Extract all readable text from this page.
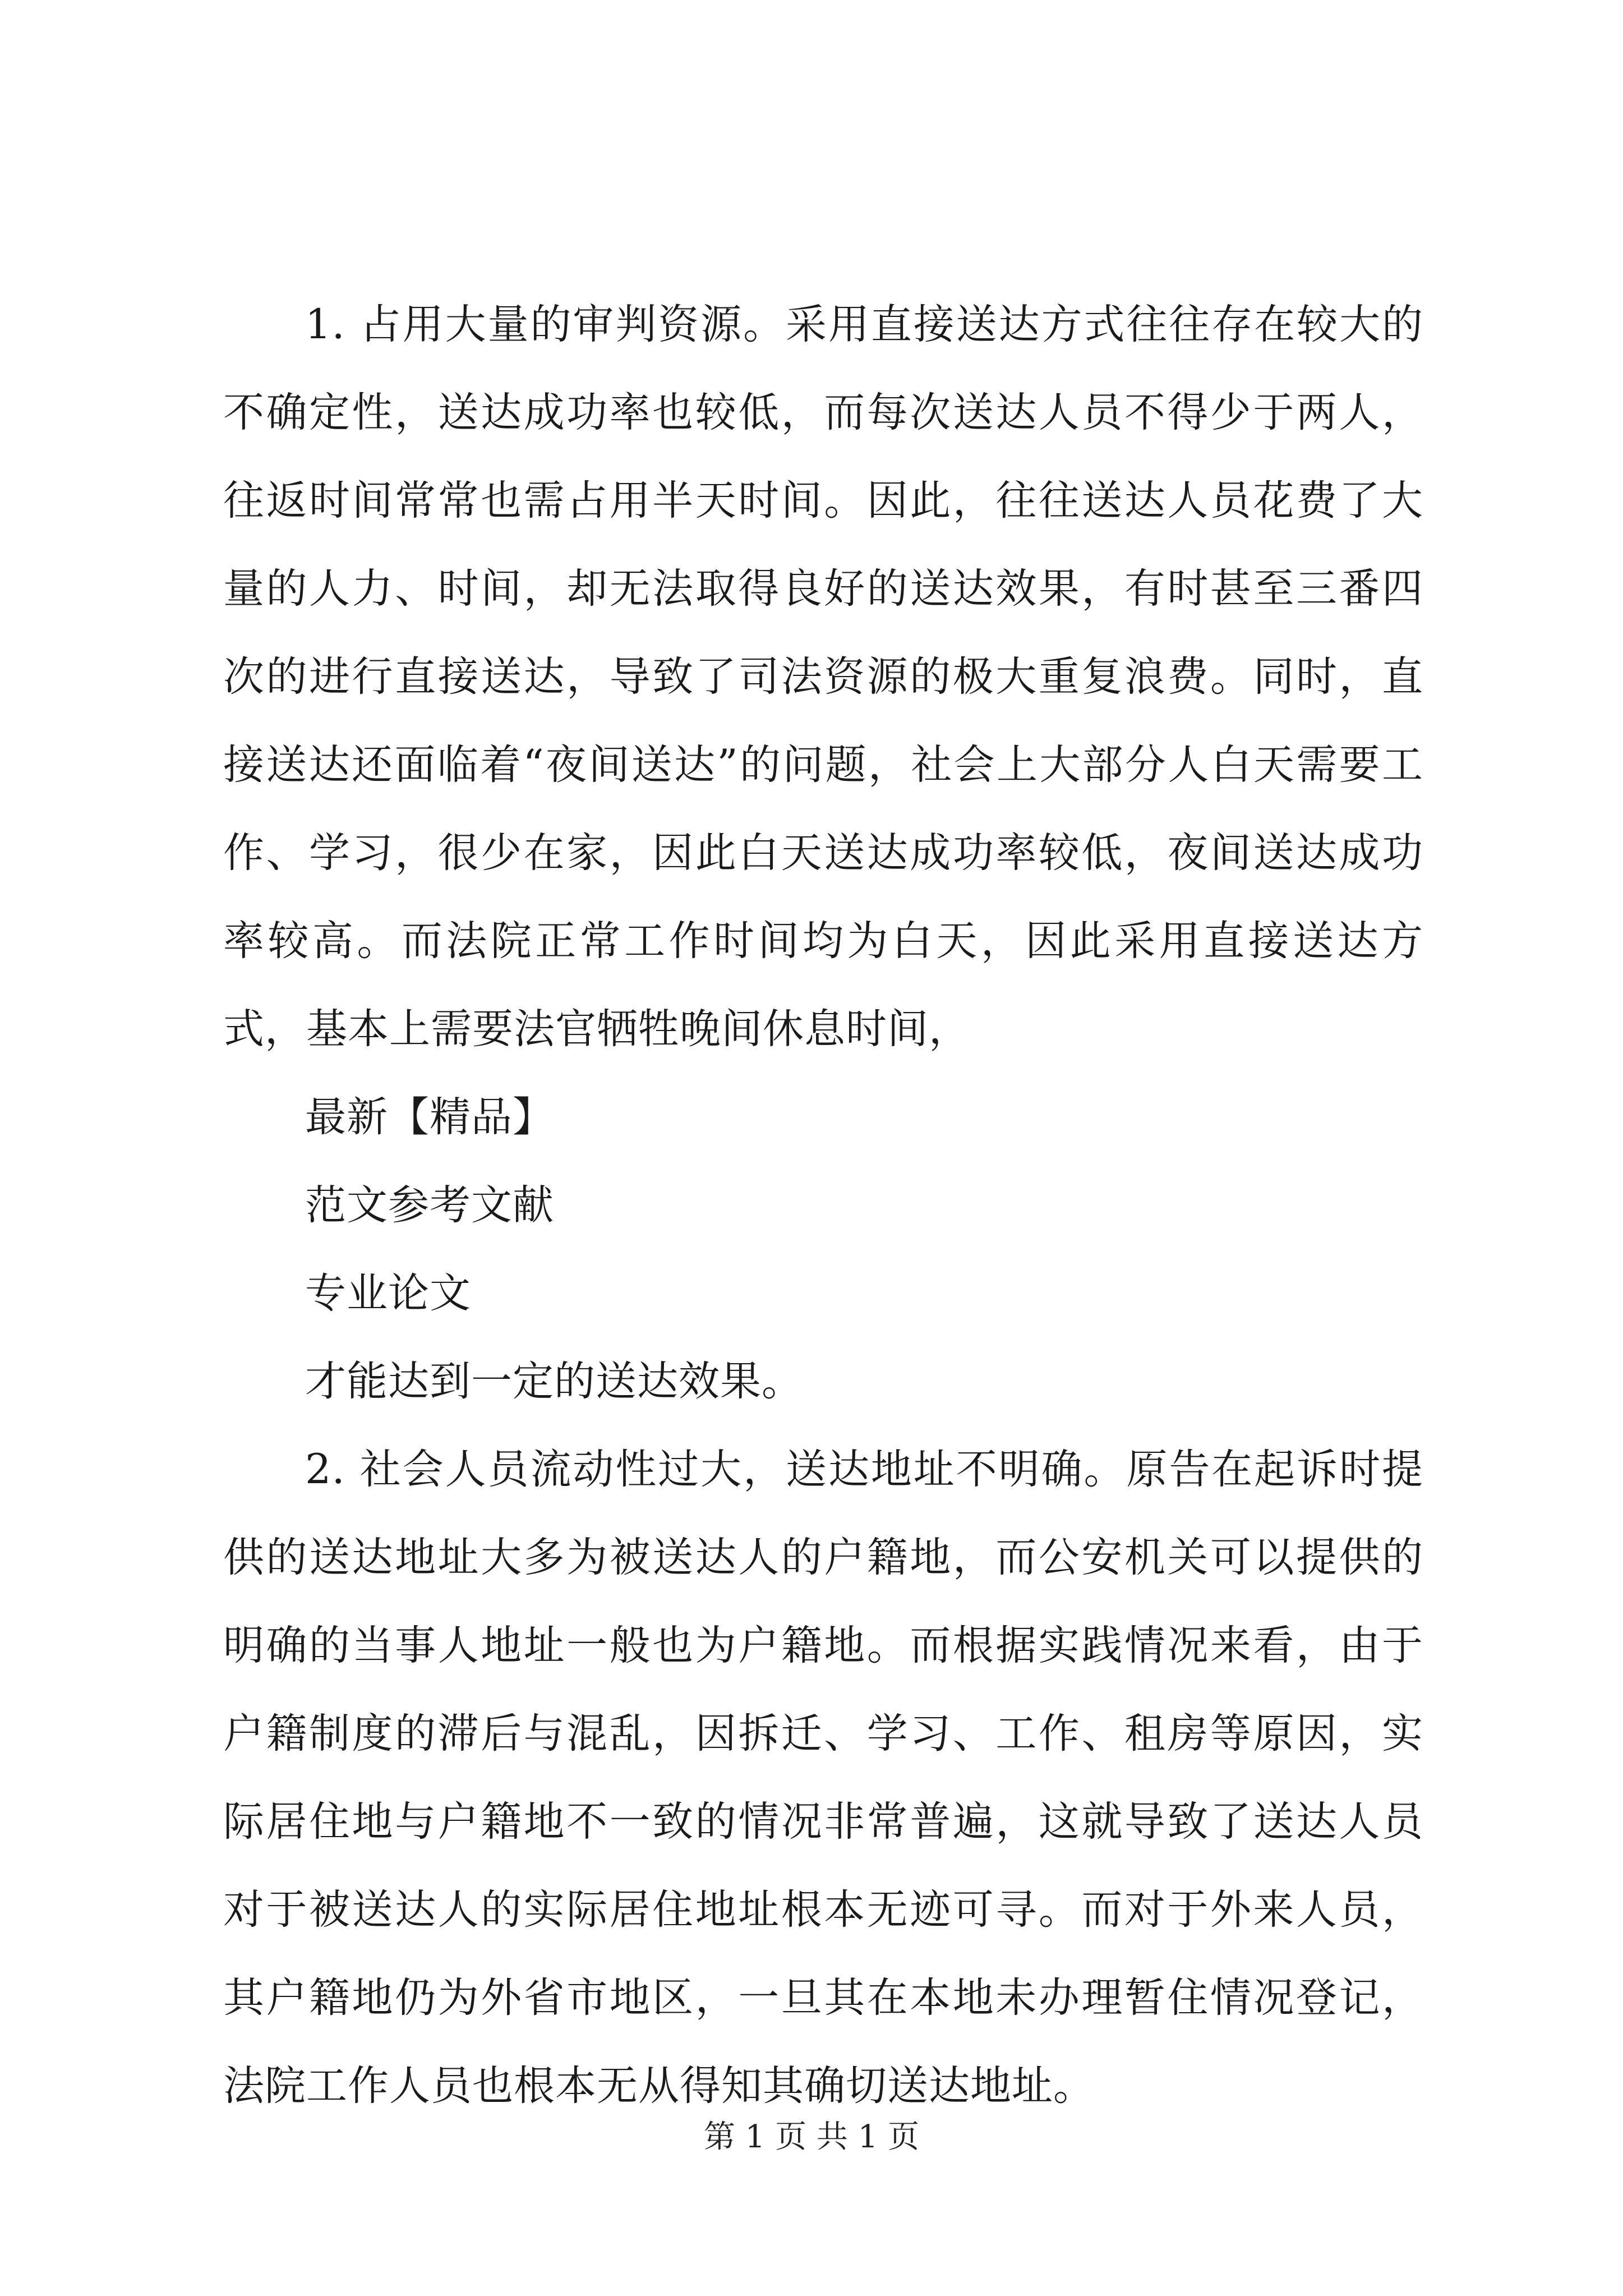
1. 占用大量的审判资源。采用直接送达方式往往存在较大的不确定性，送达成功率也较低，而每次送达人员不得少于两人，往返时间常常也需占用半天时间。因此，往往送达人员花费了大量的人力、时间，却无法取得良好的送达效果，有时甚至三番四次的进行直接送达，导致了司法资源的极大重复浪费。同时，直接送达还面临着“夜间送达”的问题，社会上大部分人白天需要工作、学习，很少在家，因此白天送达成功率较低，夜间送达成功率较高。而法院正常工作时间均为白天，因此采用直接送达方式，基本上需要法官牺牲晚间休息时间，

最新【精品】

范文参考文献

专业论文

才能达到一定的送达效果。

2. 社会人员流动性过大，送达地址不明确。原告在起诉时提供的送达地址大多为被送达人的户籍地，而公安机关可以提供的明确的当事人地址一般也为户籍地。而根据实践情况来看，由于户籍制度的滞后与混乱，因拆迁、学习、工作、租房等原因，实际居住地与户籍地不一致的情况非常普遍，这就导致了送达人员对于被送达人的实际居住地址根本无迹可寻。而对于外来人员，其户籍地仍为外省市地区，一旦其在本地未办理暂住情况登记，法院工作人员也根本无从得知其确切送达地址。

第 1 页 共 1 页
